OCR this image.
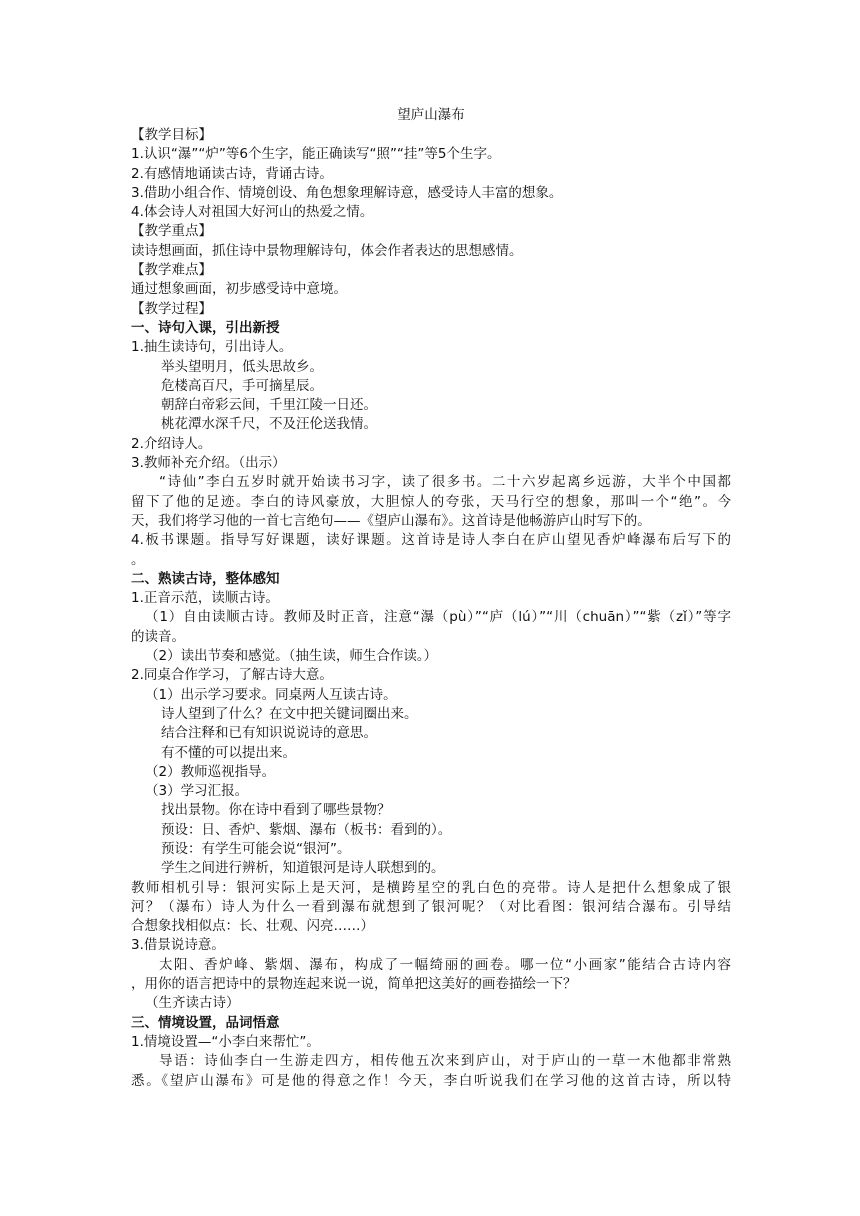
望庐山瀑布
【教学目标】
1.认识“瀑”“炉”等6个生字，能正确读写“照”“挂”等5个生字。
2.有感情地诵读古诗，背诵古诗。
3.借助小组合作、情境创设、角色想象理解诗意，感受诗人丰富的想象。
4.体会诗人对祖国大好河山的热爱之情。
【教学重点】
读诗想画面，抓住诗中景物理解诗句，体会作者表达的思想感情。
【教学难点】
通过想象画面，初步感受诗中意境。
【教学过程】
一、诗句入课，引出新授
1.抽生读诗句，引出诗人。
举头望明月，低头思故乡。
危楼高百尺，手可摘星辰。
朝辞白帝彩云间，千里江陵一日还。
桃花潭水深千尺，不及汪伦送我情。
2.介绍诗人。
3.教师补充介绍。（出示）
“诗仙”李白五岁时就开始读书习字，读了很多书。二十六岁起离乡远游，大半个中国都
留下了他的足迹。李白的诗风豪放，大胆惊人的夸张，天马行空的想象，那叫一个“绝”。今
天，我们将学习他的一首七言绝句——《望庐山瀑布》。这首诗是他畅游庐山时写下的。
4.板书课题。指导写好课题，读好课题。这首诗是诗人李白在庐山望见香炉峰瀑布后写下的
。
二、熟读古诗，整体感知
1.正音示范，读顺古诗。
（1）自由读顺古诗。教师及时正音，注意“瀑（pù）”“庐（lú）”“川（chuān）”“紫（zǐ）”等字
的读音。
（2）读出节奏和感觉。（抽生读，师生合作读。）
2.同桌合作学习，了解古诗大意。
（1）出示学习要求。同桌两人互读古诗。
诗人望到了什么？在文中把关键词圈出来。
结合注释和已有知识说说诗的意思。
有不懂的可以提出来。
（2）教师巡视指导。
（3）学习汇报。
找出景物。你在诗中看到了哪些景物？
预设：日、香炉、紫烟、瀑布（板书：看到的）。
预设：有学生可能会说“银河”。
学生之间进行辨析，知道银河是诗人联想到的。
教师相机引导：银河实际上是天河，是横跨星空的乳白色的亮带。诗人是把什么想象成了银
河？（瀑布）诗人为什么一看到瀑布就想到了银河呢？（对比看图：银河结合瀑布。引导结
合想象找相似点：长、壮观、闪亮……）
3.借景说诗意。
太阳、香炉峰、紫烟、瀑布，构成了一幅绮丽的画卷。哪一位“小画家”能结合古诗内容
，用你的语言把诗中的景物连起来说一说，简单把这美好的画卷描绘一下？
（生齐读古诗）
三、情境设置，品词悟意
1.情境设置—“小李白来帮忙”。
导语：诗仙李白一生游走四方，相传他五次来到庐山，对于庐山的一草一木他都非常熟
悉。《望庐山瀑布》可是他的得意之作！今天，李白听说我们在学习他的这首古诗，所以特
